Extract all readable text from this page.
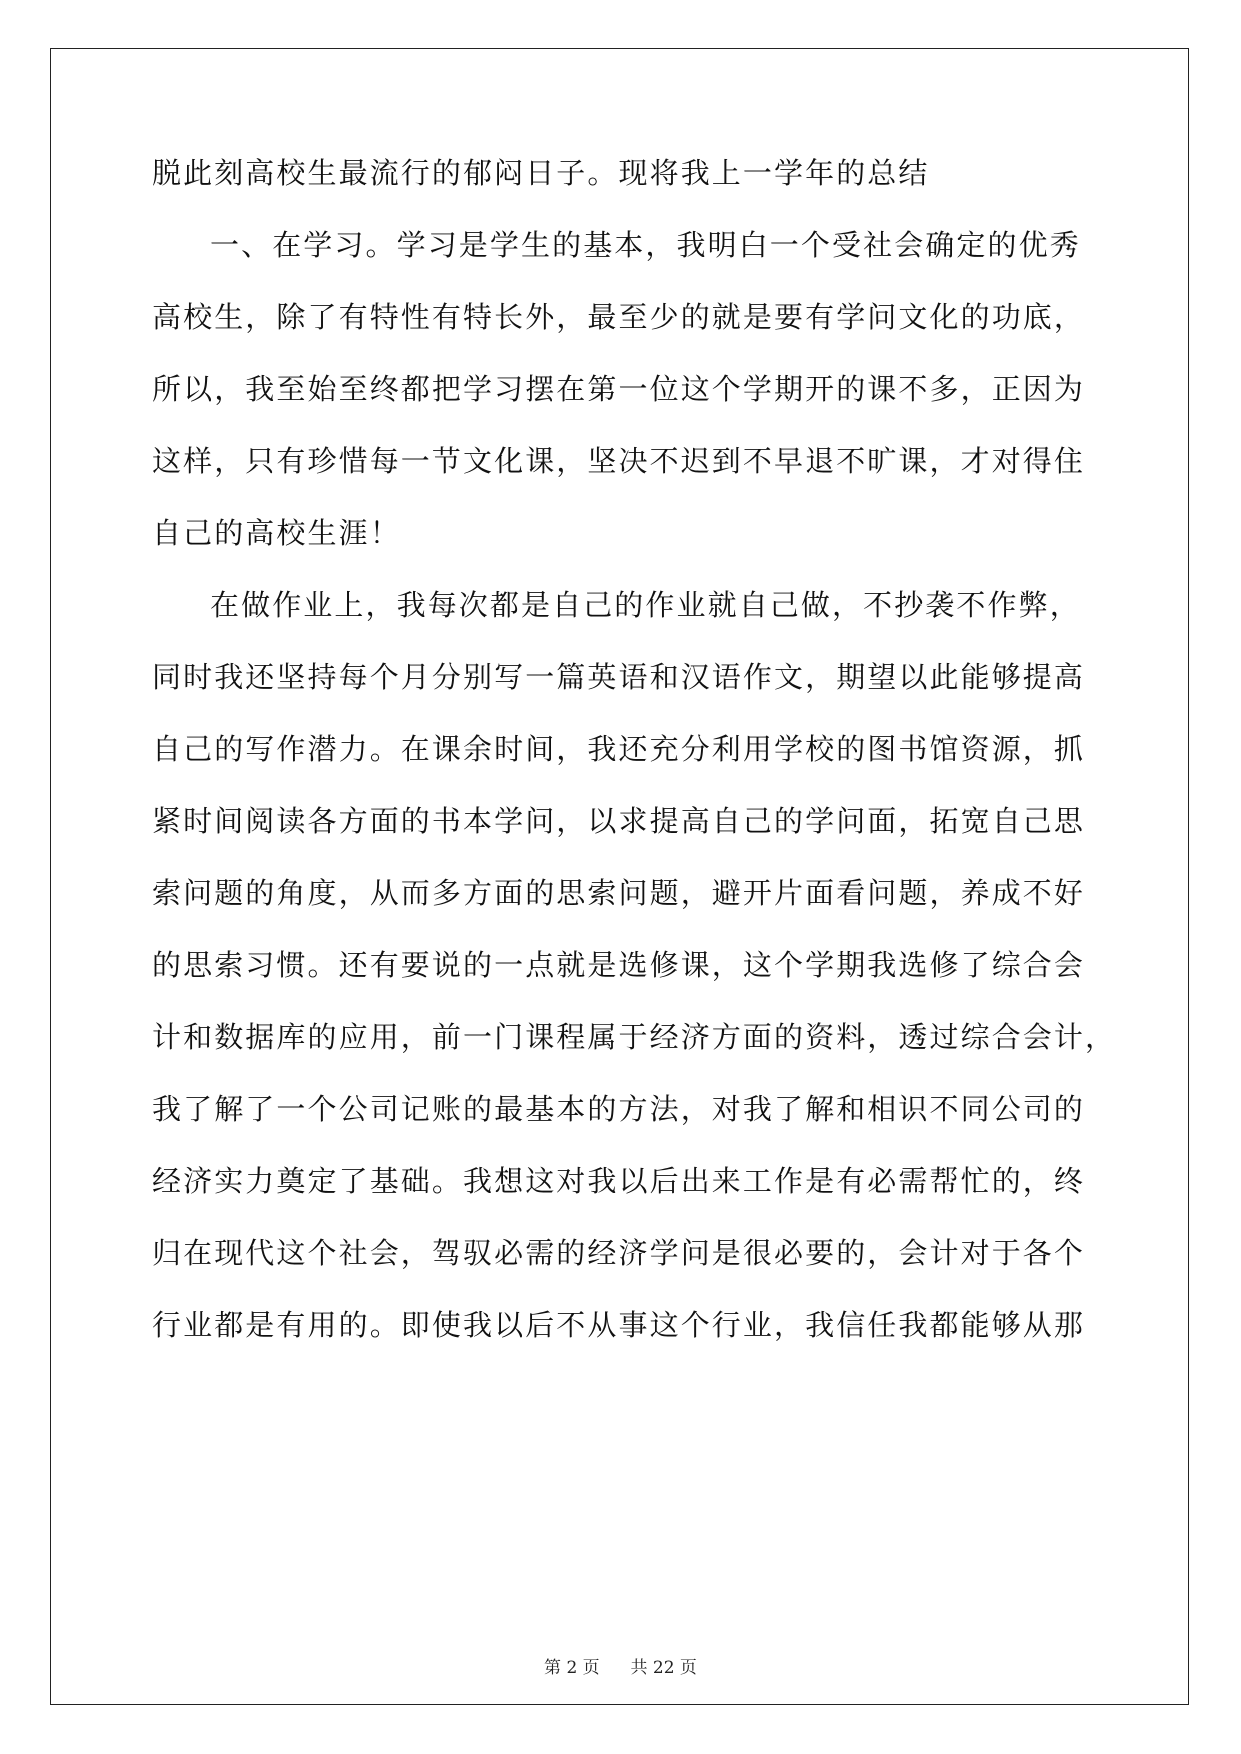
脱此刻高校生最流行的郁闷日子。现将我上一学年的总结

一、在学习。学习是学生的基本，我明白一个受社会确定的优秀

高校生，除了有特性有特长外，最至少的就是要有学问文化的功底，

所以，我至始至终都把学习摆在第一位这个学期开的课不多，正因为

这样，只有珍惜每一节文化课，坚决不迟到不早退不旷课，才对得住

自己的高校生涯！

在做作业上，我每次都是自己的作业就自己做，不抄袭不作弊，

同时我还坚持每个月分别写一篇英语和汉语作文，期望以此能够提高

自己的写作潜力。在课余时间，我还充分利用学校的图书馆资源，抓

紧时间阅读各方面的书本学问，以求提高自己的学问面，拓宽自己思

索问题的角度，从而多方面的思索问题，避开片面看问题，养成不好

的思索习惯。还有要说的一点就是选修课，这个学期我选修了综合会

计和数据库的应用，前一门课程属于经济方面的资料，透过综合会计，

我了解了一个公司记账的最基本的方法，对我了解和相识不同公司的

经济实力奠定了基础。我想这对我以后出来工作是有必需帮忙的，终

归在现代这个社会，驾驭必需的经济学问是很必要的，会计对于各个

行业都是有用的。即使我以后不从事这个行业，我信任我都能够从那

第 2 页 共 22 页
